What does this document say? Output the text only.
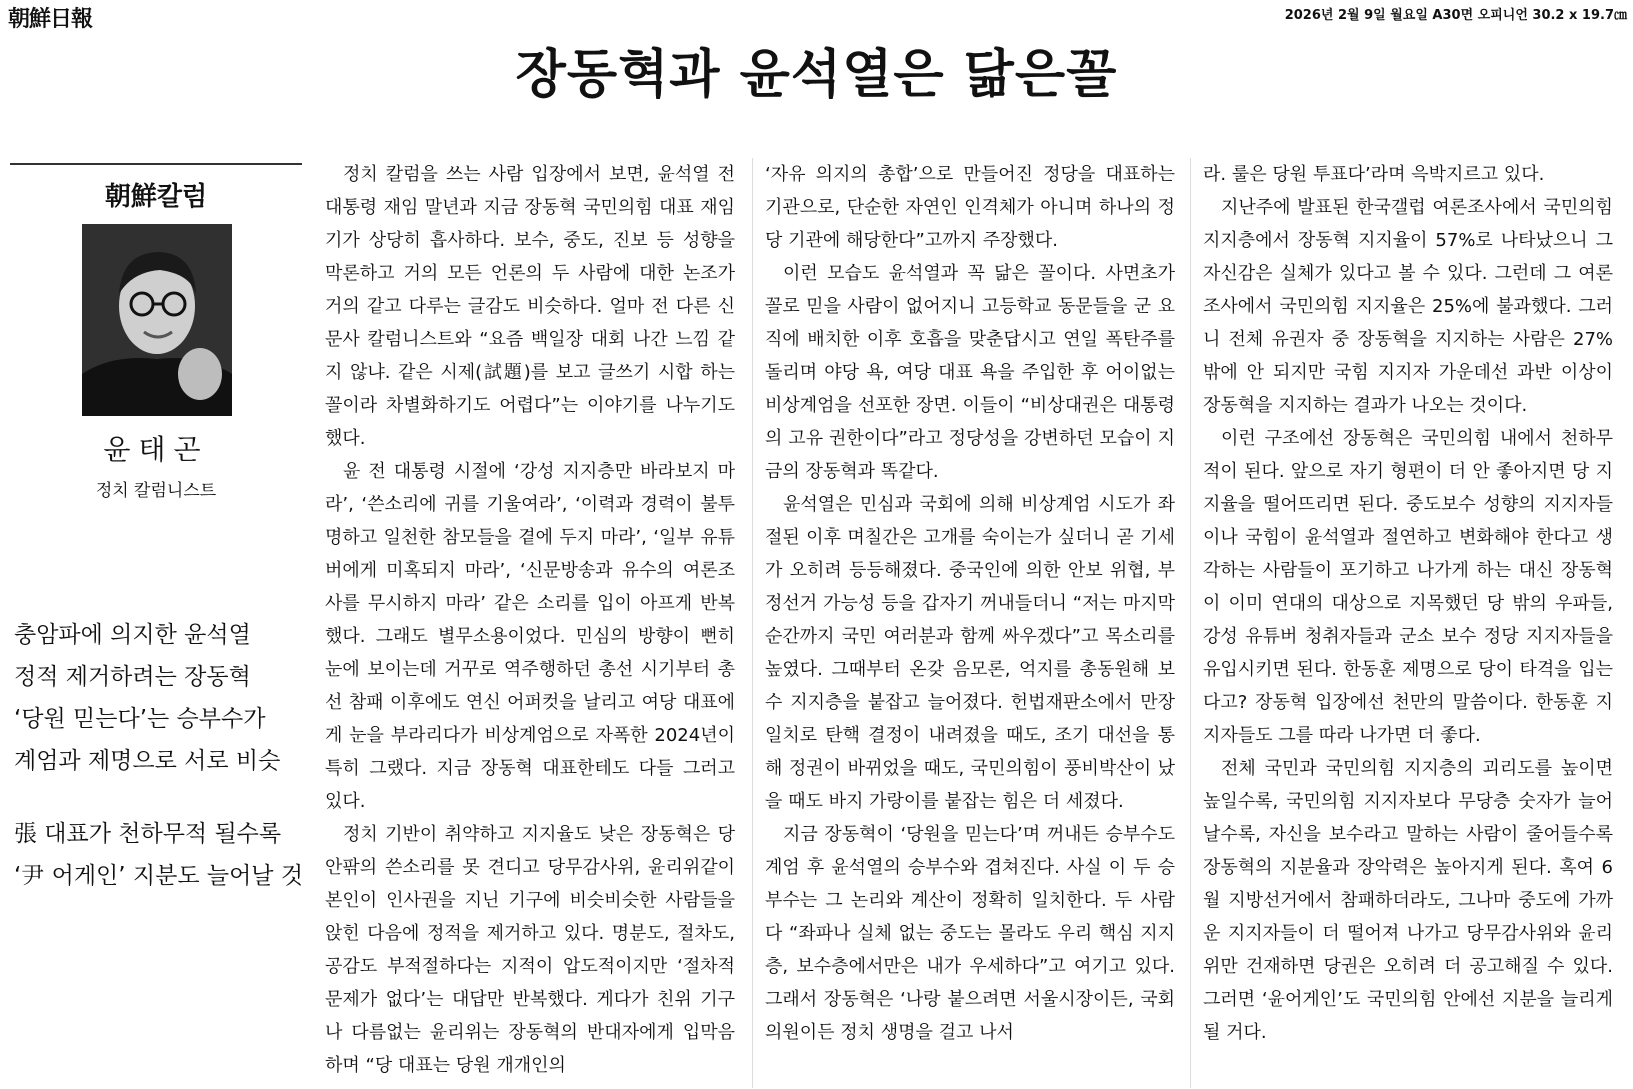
朝鮮日報	2026년 2월 9일 월요일 A30면 오피니언 30.2 x 19.7㎝
장동혁과 윤석열은 닮은꼴
朝鮮칼럼
윤태곤
정치 칼럼니스트
충암파에 의지한 윤석열
정적 제거하려는 장동혁
‘당원 믿는다’는 승부수가
계엄과 제명으로 서로 비슷
張 대표가 천하무적 될수록
‘尹 어게인’ 지분도 늘어날 것

정치 칼럼을 쓰는 사람 입장에서 보면, 윤석열 전 대통령 재임 말년과 지금 장동혁 국민의힘 대표 재임기가 상당히 흡사하다. 보수, 중도, 진보 등 성향을 막론하고 거의 모든 언론의 두 사람에 대한 논조가 거의 같고 다루는 글감도 비슷하다. 얼마 전 다른 신문사 칼럼니스트와 “요즘 백일장 대회 나간 느낌 같지 않냐. 같은 시제(試題)를 보고 글쓰기 시합 하는 꼴이라 차별화하기도 어렵다”는 이야기를 나누기도 했다.

윤 전 대통령 시절에 ‘강성 지지층만 바라보지 마라’, ‘쓴소리에 귀를 기울여라’, ‘이력과 경력이 불투명하고 일천한 참모들을 곁에 두지 마라’, ‘일부 유튜버에게 미혹되지 마라’, ‘신문방송과 유수의 여론조사를 무시하지 마라’ 같은 소리를 입이 아프게 반복했다. 그래도 별무소용이었다. 민심의 방향이 뻔히 눈에 보이는데 거꾸로 역주행하던 총선 시기부터 총선 참패 이후에도 연신 어퍼컷을 날리고 여당 대표에게 눈을 부라리다가 비상계엄으로 자폭한 2024년이 특히 그랬다. 지금 장동혁 대표한테도 다들 그러고 있다.

정치 기반이 취약하고 지지율도 낮은 장동혁은 당 안팎의 쓴소리를 못 견디고 당무감사위, 윤리위같이 본인이 인사권을 지닌 기구에 비슷비슷한 사람들을 앉힌 다음에 정적을 제거하고 있다. 명분도, 절차도, 공감도 부적절하다는 지적이 압도적이지만 ‘절차적 문제가 없다’는 대답만 반복했다. 게다가 친위 기구나 다름없는 윤리위는 장동혁의 반대자에게 입막음하며 “당 대표는 당원 개개인의

‘자유 의지의 총합’으로 만들어진 정당을 대표하는 기관으로, 단순한 자연인 인격체가 아니며 하나의 정당 기관에 해당한다”고까지 주장했다.

이런 모습도 윤석열과 꼭 닮은 꼴이다. 사면초가 꼴로 믿을 사람이 없어지니 고등학교 동문들을 군 요직에 배치한 이후 호흡을 맞춘답시고 연일 폭탄주를 돌리며 야당 욕, 여당 대표 욕을 주입한 후 어이없는 비상계엄을 선포한 장면. 이들이 “비상대권은 대통령의 고유 권한이다”라고 정당성을 강변하던 모습이 지금의 장동혁과 똑같다.

윤석열은 민심과 국회에 의해 비상계엄 시도가 좌절된 이후 며칠간은 고개를 숙이는가 싶더니 곧 기세가 오히려 등등해졌다. 중국인에 의한 안보 위협, 부정선거 가능성 등을 갑자기 꺼내들더니 “저는 마지막 순간까지 국민 여러분과 함께 싸우겠다”고 목소리를 높였다. 그때부터 온갖 음모론, 억지를 총동원해 보수 지지층을 붙잡고 늘어졌다. 헌법재판소에서 만장일치로 탄핵 결정이 내려졌을 때도, 조기 대선을 통해 정권이 바뀌었을 때도, 국민의힘이 풍비박산이 났을 때도 바지 가랑이를 붙잡는 힘은 더 세졌다.

지금 장동혁이 ‘당원을 믿는다’며 꺼내든 승부수도 계엄 후 윤석열의 승부수와 겹쳐진다. 사실 이 두 승부수는 그 논리와 계산이 정확히 일치한다. 두 사람 다 “좌파나 실체 없는 중도는 몰라도 우리 핵심 지지층, 보수층에서만은 내가 우세하다”고 여기고 있다. 그래서 장동혁은 ‘나랑 붙으려면 서울시장이든, 국회의원이든 정치 생명을 걸고 나서

라. 룰은 당원 투표다’라며 윽박지르고 있다.

지난주에 발표된 한국갤럽 여론조사에서 국민의힘 지지층에서 장동혁 지지율이 57%로 나타났으니 그 자신감은 실체가 있다고 볼 수 있다. 그런데 그 여론조사에서 국민의힘 지지율은 25%에 불과했다. 그러니 전체 유권자 중 장동혁을 지지하는 사람은 27%밖에 안 되지만 국힘 지지자 가운데선 과반 이상이 장동혁을 지지하는 결과가 나오는 것이다.

이런 구조에선 장동혁은 국민의힘 내에서 천하무적이 된다. 앞으로 자기 형편이 더 안 좋아지면 당 지지율을 떨어뜨리면 된다. 중도보수 성향의 지지자들이나 국힘이 윤석열과 절연하고 변화해야 한다고 생각하는 사람들이 포기하고 나가게 하는 대신 장동혁이 이미 연대의 대상으로 지목했던 당 밖의 우파들, 강성 유튜버 청취자들과 군소 보수 정당 지지자들을 유입시키면 된다. 한동훈 제명으로 당이 타격을 입는다고? 장동혁 입장에선 천만의 말씀이다. 한동훈 지지자들도 그를 따라 나가면 더 좋다.

전체 국민과 국민의힘 지지층의 괴리도를 높이면 높일수록, 국민의힘 지지자보다 무당층 숫자가 늘어날수록, 자신을 보수라고 말하는 사람이 줄어들수록 장동혁의 지분율과 장악력은 높아지게 된다. 혹여 6월 지방선거에서 참패하더라도, 그나마 중도에 가까운 지지자들이 더 떨어져 나가고 당무감사위와 윤리위만 건재하면 당권은 오히려 더 공고해질 수 있다. 그러면 ‘윤어게인’도 국민의힘 안에선 지분을 늘리게 될 거다.
